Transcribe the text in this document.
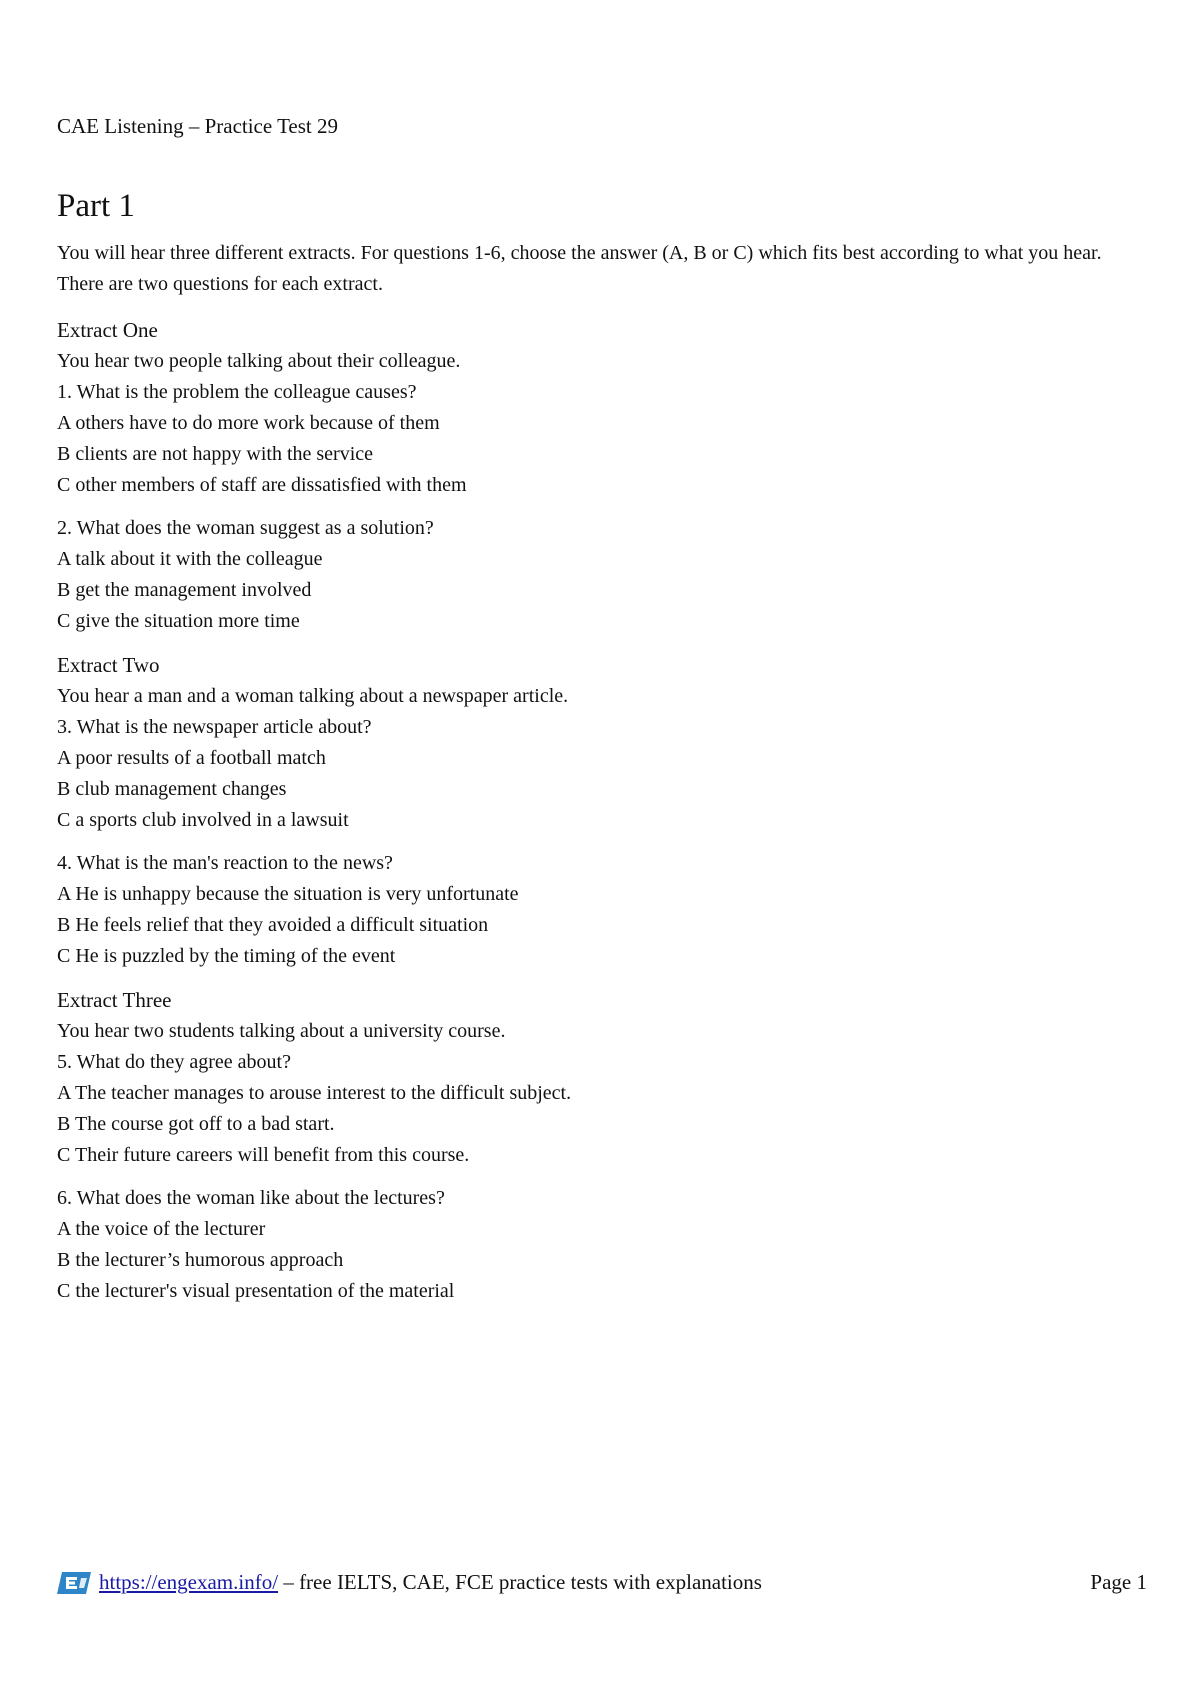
CAE Listening – Practice Test 29
Part 1
You will hear three different extracts. For questions 1-6, choose the answer (A, B or C) which fits best according to what you hear. There are two questions for each extract.
Extract One
You hear two people talking about their colleague.
1. What is the problem the colleague causes?
A others have to do more work because of them
B clients are not happy with the service
C other members of staff are dissatisfied with them
2. What does the woman suggest as a solution?
A talk about it with the colleague
B get the management involved
C give the situation more time
Extract Two
You hear a man and a woman talking about a newspaper article.
3. What is the newspaper article about?
A poor results of a football match
B club management changes
C a sports club involved in a lawsuit
4. What is the man's reaction to the news?
A He is unhappy because the situation is very unfortunate
B He feels relief that they avoided a difficult situation
C He is puzzled by the timing of the event
Extract Three
You hear two students talking about a university course.
5. What do they agree about?
A The teacher manages to arouse interest to the difficult subject.
B The course got off to a bad start.
C Their future careers will benefit from this course.
6. What does the woman like about the lectures?
A the voice of the lecturer
B the lecturer’s humorous approach
C the lecturer's visual presentation of the material
https://engexam.info/ – free IELTS, CAE, FCE practice tests with explanations	Page 1
